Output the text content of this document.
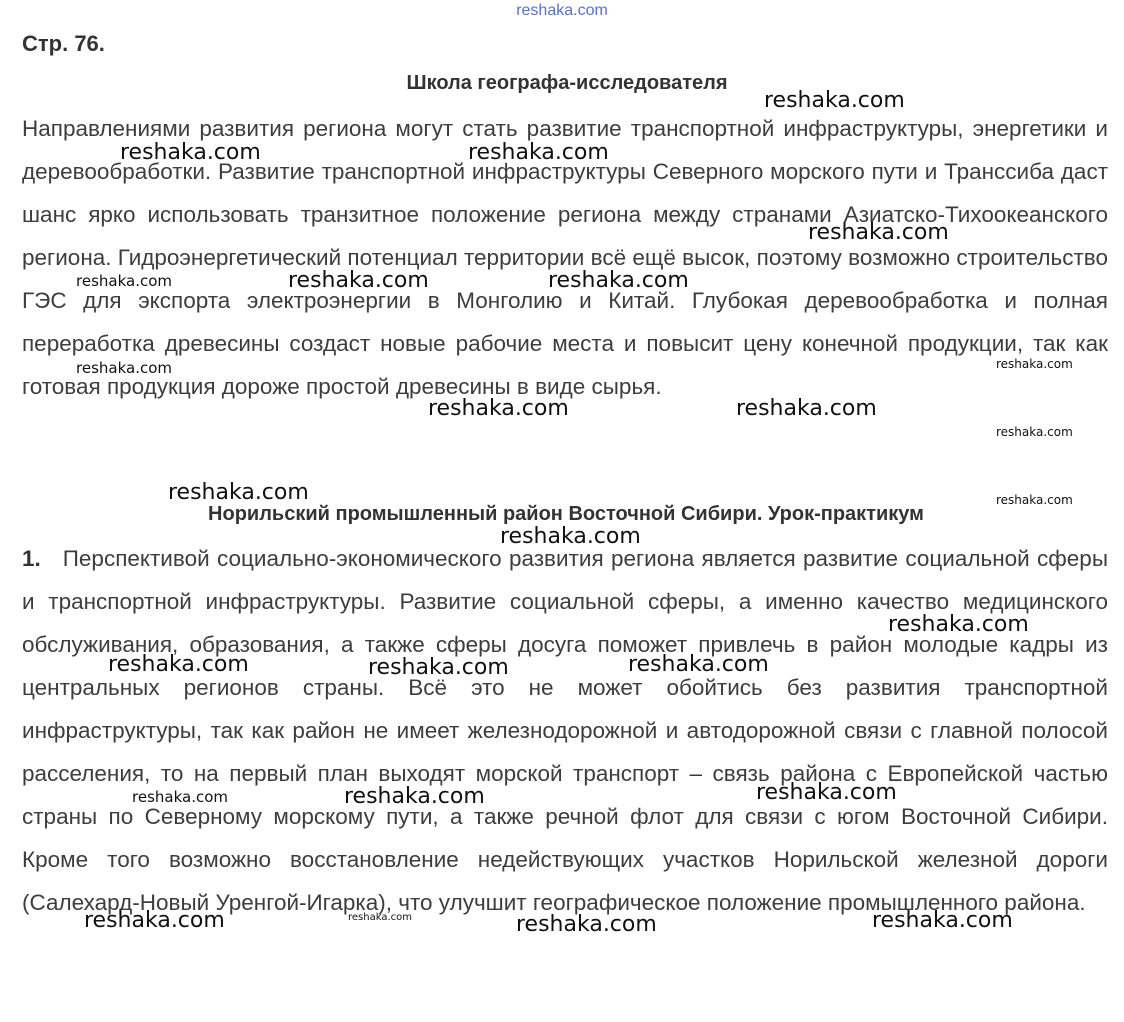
reshaka.com
Стр. 76.
Школа географа-исследователя

Направлениями развития региона могут стать развитие транспортной инфраструктуры, энергетики и деревообработки. Развитие транспортной инфраструктуры Северного морского пути и Транссиба даст шанс ярко использовать транзитное положение региона между странами Азиатско-Тихоокеанского региона. Гидроэнергетический потенциал территории всё ещё высок, поэтому возможно строительство ГЭС для экспорта электроэнергии в Монголию и Китай. Глубокая деревообработка и полная переработка древесины создаст новые рабочие места и повысит цену конечной продукции, так как готовая продукция дороже простой древесины в виде сырья.

Норильский промышленный район Восточной Сибири. Урок-практикум

1. Перспективой социально-экономического развития региона является развитие социальной сферы и транспортной инфраструктуры. Развитие социальной сферы, а именно качество медицинского обслуживания, образования, а также сферы досуга поможет привлечь в район молодые кадры из центральных регионов страны. Всё это не может обойтись без развития транспортной инфраструктуры, так как район не имеет железнодорожной и автодорожной связи с главной полосой расселения, то на первый план выходят морской транспорт – связь района с Европейской частью страны по Северному морскому пути, а также речной флот для связи с югом Восточной Сибири. Кроме того возможно восстановление недействующих участков Норильской железной дороги (Салехард-Новый Уренгой-Игарка), что улучшит географическое положение промышленного района.

reshaka.com
reshaka.com	reshaka.com
reshaka.com
reshaka.com	reshaka.com	reshaka.com
reshaka.com	reshaka.com
reshaka.com	reshaka.com
reshaka.com
reshaka.com	reshaka.com
reshaka.com
reshaka.com
reshaka.com	reshaka.com	reshaka.com
reshaka.com	reshaka.com	reshaka.com
reshaka.com	reshaka.com	reshaka.com	reshaka.com
